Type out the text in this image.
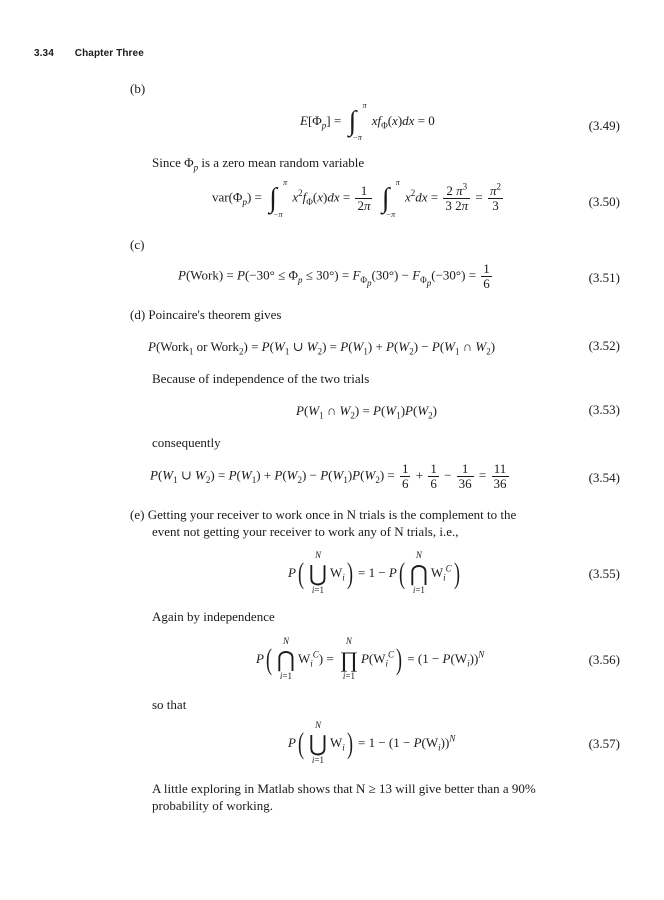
3.34 Chapter Three
(b)
$E[\Phi_p]$ = ∫
π
−π
$xf_\Phi(x)dx = 0$	(3.49)
Since $\Phi_p$ is a zero mean random variable
$var(\Phi_p)$ = ∫
π
−π
$x^2f_\Phi(x)dx = \frac{1}{2\pi}$ ∫
π
−π
$x^2dx = \frac{2 \pi^3}{3 2\pi} = \frac{\pi^2}{3}$	(3.50)
(c)
P(Work) = $P(-30^\circ \le \Phi_p \le 30^\circ) = F_{\Phi_p}(30^\circ) - F_{\Phi_p}(-30^\circ) = \frac{1}{6}$	(3.51)
(d) Poincaire's theorem gives
P(Work$_1$ or Work$_2$) = $P(W_1$ ∪ $W_2) = P(W_1) + P(W_2) - P(W_1$ ∩ $W_2$)	(3.52)
Because of independence of the two trials
$P(W_1$ ∩ $W_2) = P(W_1)P(W_2)$	(3.53)
consequently
$P(W_1$ ∪ $W_2) = P(W_1) + P(W_2) - P(W_1)P(W_2) = \frac{1}{6} + \frac{1}{6} - \frac{1}{36} = \frac{11}{36}$	(3.54)
(e) Getting your receiver to work once in N trials is the complement to the
event not getting your receiver to work any of N trials, i.e.,
P( ⋃
N
i=1
$W_i) = 1 - P$( ⋂
N
i=1
$W_i^C$)	(3.55)
Again by independence
P( ⋂
N
i=1
$W_i^C$) = ∏
N
i=1
$P(W_i^C) = (1 - P(W_i))^N$	(3.56)
so that
P( ⋃
N
i=1
$W_i) = 1 - (1 - P(W_i))^N$	(3.57)
A little exploring in Matlab shows that N ≥ 13 will give better than a 90%
probability of working.
